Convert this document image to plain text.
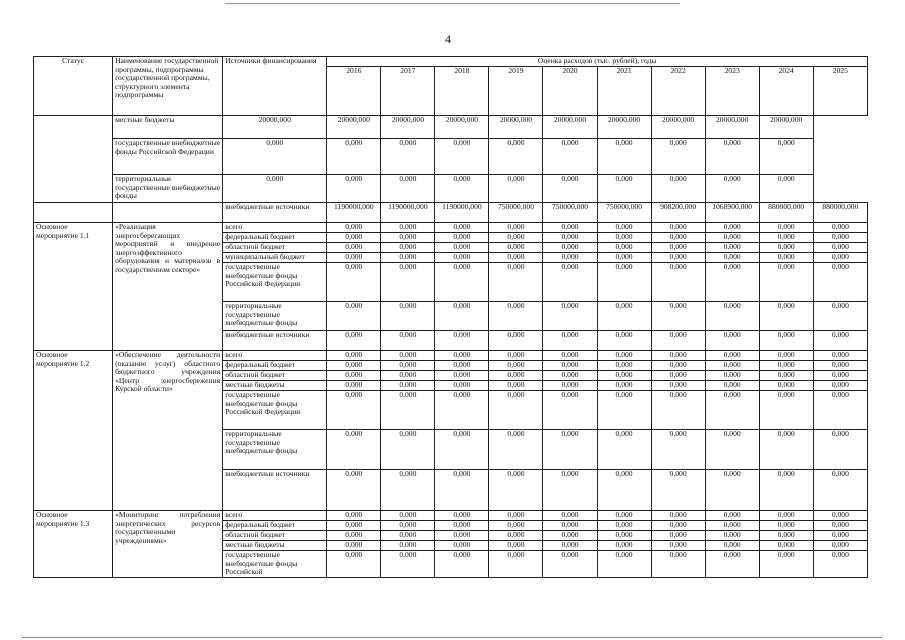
4
Статус	Наименование государственной программы, подпрограммы государственной программы, структурного элемента подпрограммы	Источники финансирования	Оценка расходов (тыс. рублей), годы									
			2016	2017	2018	2019	2020	2021	2022	2023	2024	2025
	местные бюджеты	20000,000	20000,000	20000,000	20000,000	20000,000	20000,000	20000,000	20000,000	20000,000	20000,000	
	государственные внебюджетные фонды Российской Федерации	0,000	0,000	0,000	0,000	0,000	0,000	0,000	0,000	0,000	0,000	
	территориальные государственные внебюджетные фонды	0,000	0,000	0,000	0,000	0,000	0,000	0,000	0,000	0,000	0,000	
		внебюджетные источники	1190000,000	1190000,000	1190000,000	750000,000	750000,000	750000,000	908200,000	1068900,000	880000,000	880000,000
Основное мероприятие 1.1	«Реализация энергосберегающих мероприятий и внедрение энергоэффективного оборудования и материалов в государственном секторе»	всего	0,000	0,000	0,000	0,000	0,000	0,000	0,000	0,000	0,000	0,000
		федеральный бюджет	0,000	0,000	0,000	0,000	0,000	0,000	0,000	0,000	0,000	0,000
		областной бюджет	0,000	0,000	0,000	0,000	0,000	0,000	0,000	0,000	0,000	0,000
		муниципальный бюджет	0,000	0,000	0,000	0,000	0,000	0,000	0,000	0,000	0,000	0,000
		государственные внебюджетные фонды Российской Федерации	0,000	0,000	0,000	0,000	0,000	0,000	0,000	0,000	0,000	0,000
		территориальные государственные внебюджетные фонды	0,000	0,000	0,000	0,000	0,000	0,000	0,000	0,000	0,000	0,000
		внебюджетные источники	0,000	0,000	0,000	0,000	0,000	0,000	0,000	0,000	0,000	0,000
Основное мероприятие 1.2	«Обеспечение деятельности (оказание услуг) областного бюджетного учреждения «Центр энергосбережения Курской области»	всего	0,000	0,000	0,000	0,000	0,000	0,000	0,000	0,000	0,000	0,000
		федеральный бюджет	0,000	0,000	0,000	0,000	0,000	0,000	0,000	0,000	0,000	0,000
		областной бюджет	0,000	0,000	0,000	0,000	0,000	0,000	0,000	0,000	0,000	0,000
		местные бюджеты	0,000	0,000	0,000	0,000	0,000	0,000	0,000	0,000	0,000	0,000
		государственные внебюджетные фонды Российской Федерации	0,000	0,000	0,000	0,000	0,000	0,000	0,000	0,000	0,000	0,000
		территориальные государственные внебюджетные фонды	0,000	0,000	0,000	0,000	0,000	0,000	0,000	0,000	0,000	0,000
		внебюджетные источники	0,000	0,000	0,000	0,000	0,000	0,000	0,000	0,000	0,000	0,000
Основное мероприятие 1.3	«Мониторинг потребления энергетических ресурсов государственными учреждениями»	всего	0,000	0,000	0,000	0,000	0,000	0,000	0,000	0,000	0,000	0,000
		федеральный бюджет	0,000	0,000	0,000	0,000	0,000	0,000	0,000	0,000	0,000	0,000
		областной бюджет	0,000	0,000	0,000	0,000	0,000	0,000	0,000	0,000	0,000	0,000
		местные бюджеты	0,000	0,000	0,000	0,000	0,000	0,000	0,000	0,000	0,000	0,000
		государственные внебюджетные фонды Российской	0,000	0,000	0,000	0,000	0,000	0,000	0,000	0,000	0,000	0,000
